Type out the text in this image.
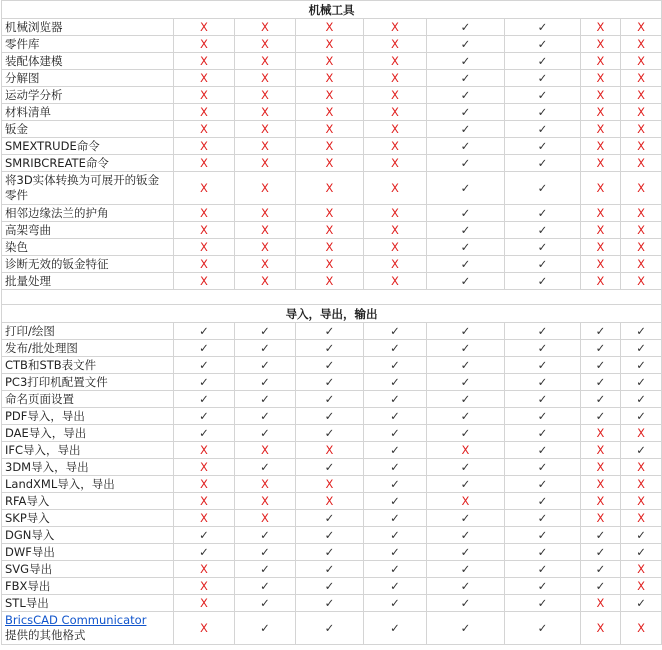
机械工具								
机械浏览器	X	X	X	X	✓	✓	X	X
零件库	X	X	X	X	✓	✓	X	X
装配体建模	X	X	X	X	✓	✓	X	X
分解图	X	X	X	X	✓	✓	X	X
运动学分析	X	X	X	X	✓	✓	X	X
材料清单	X	X	X	X	✓	✓	X	X
钣金	X	X	X	X	✓	✓	X	X
SMEXTRUDE命令	X	X	X	X	✓	✓	X	X
SMRIBCREATE命令	X	X	X	X	✓	✓	X	X
将3D实体转换为可展开的钣金零件	X	X	X	X	✓	✓	X	X
相邻边缘法兰的护角	X	X	X	X	✓	✓	X	X
高架弯曲	X	X	X	X	✓	✓	X	X
染色	X	X	X	X	✓	✓	X	X
诊断无效的钣金特征	X	X	X	X	✓	✓	X	X
批量处理	X	X	X	X	✓	✓	X	X

导入，导出，输出								
打印/绘图	✓	✓	✓	✓	✓	✓	✓	✓
发布/批处理图	✓	✓	✓	✓	✓	✓	✓	✓
CTB和STB表文件	✓	✓	✓	✓	✓	✓	✓	✓
PC3打印机配置文件	✓	✓	✓	✓	✓	✓	✓	✓
命名页面设置	✓	✓	✓	✓	✓	✓	✓	✓
PDF导入，导出	✓	✓	✓	✓	✓	✓	✓	✓
DAE导入，导出	✓	✓	✓	✓	✓	✓	X	X
IFC导入，导出	X	X	X	✓	X	✓	X	✓
3DM导入，导出	X	✓	✓	✓	✓	✓	X	X
LandXML导入，导出	X	X	X	✓	✓	✓	X	X
RFA导入	X	X	X	✓	X	✓	X	X
SKP导入	X	X	✓	✓	✓	✓	X	X
DGN导入	✓	✓	✓	✓	✓	✓	✓	✓
DWF导出	✓	✓	✓	✓	✓	✓	✓	✓
SVG导出	X	✓	✓	✓	✓	✓	✓	X
FBX导出	X	✓	✓	✓	✓	✓	✓	X
STL导出	X	✓	✓	✓	✓	✓	X	✓
BricsCAD Communicator
提供的其他格式	X	✓	✓	✓	✓	✓	X	X
